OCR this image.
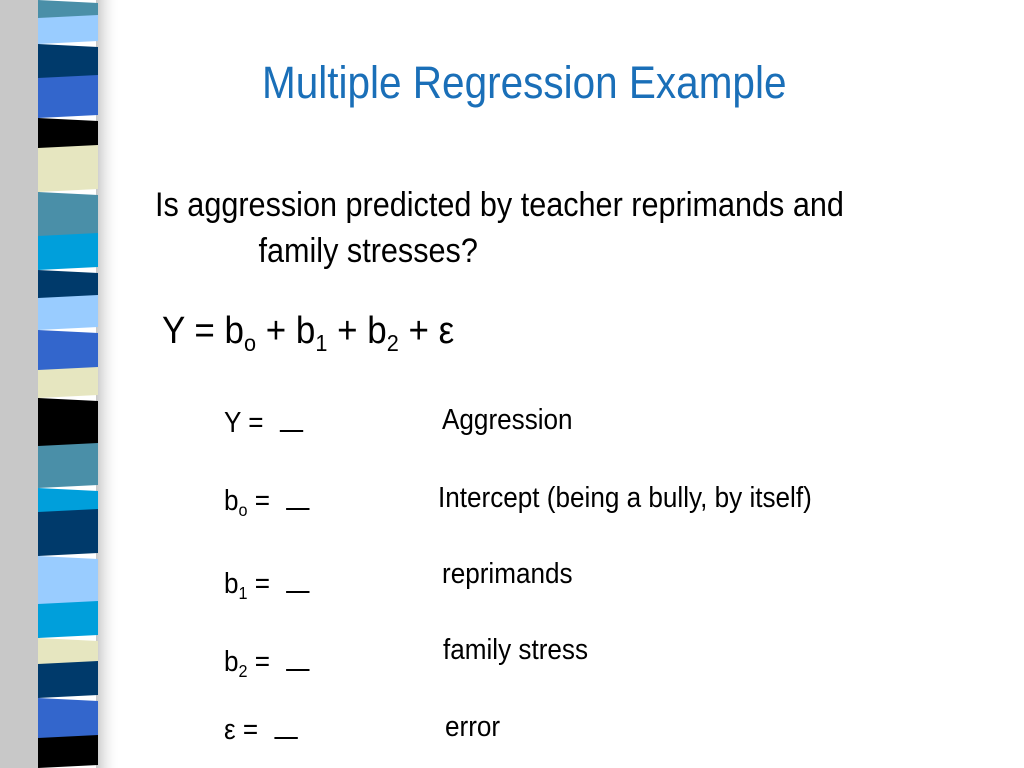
Multiple Regression Example
Is aggression predicted by teacher reprimands and
family stresses?
$Y = b_o + b_1 + b_2 + \varepsilon$
Y =	Aggression
$b_o$ =	Intercept (being a bully, by itself)
$b_1$ =	reprimands
$b_2$ =	family stress
ε =	error
